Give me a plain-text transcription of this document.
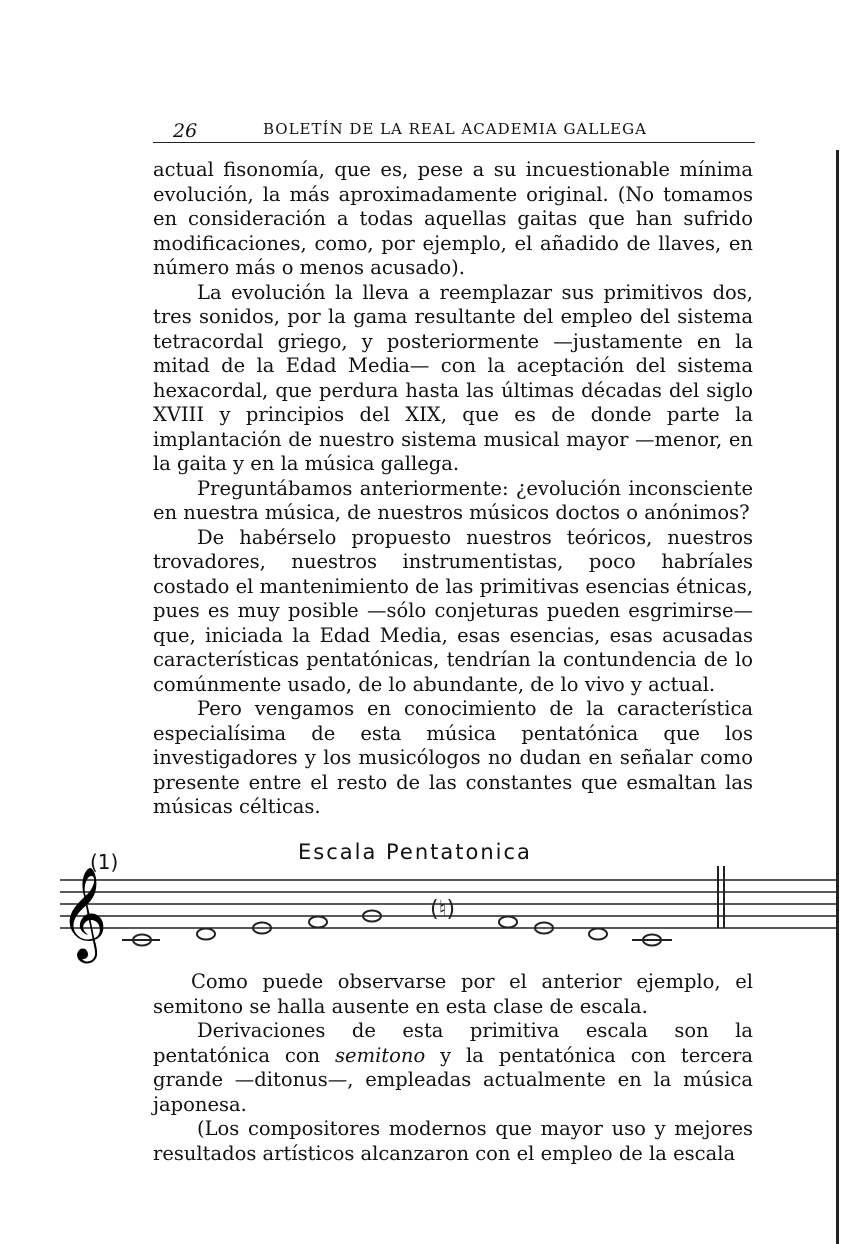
26	BOLETÍN DE LA REAL ACADEMIA GALLEGA

actual fisonomía, que es, pese a su incuestionable mínima evolución, la más aproximadamente original. (No tomamos en consideración a todas aquellas gaitas que han sufrido modificaciones, como, por ejemplo, el añadido de llaves, en número más o menos acusado).

La evolución la lleva a reemplazar sus primitivos dos, tres sonidos, por la gama resultante del empleo del sistema tetracordal griego, y posteriormente —justamente en la mitad de la Edad Media— con la aceptación del sistema hexacordal, que perdura hasta las últimas décadas del siglo XVIII y principios del XIX, que es de donde parte la implantación de nuestro sistema musical mayor —menor, en la gaita y en la música gallega.

Preguntábamos anteriormente: ¿evolución inconsciente en nuestra música, de nuestros músicos doctos o anónimos?

De habérselo propuesto nuestros teóricos, nuestros trovadores, nuestros instrumentistas, poco habríales costado el mantenimiento de las primitivas esencias étnicas, pues es muy posible —sólo conjeturas pueden esgrimirse— que, iniciada la Edad Media, esas esencias, esas acusadas características pentatónicas, tendrían la contundencia de lo comúnmente usado, de lo abundante, de lo vivo y actual.

Pero vengamos en conocimiento de la característica especialísima de esta música pentatónica que los investigadores y los musicólogos no dudan en señalar como presente entre el resto de las constantes que esmaltan las músicas célticas.

(1)	Escala Pentatonica
𝄞	(♮)

Como puede observarse por el anterior ejemplo, el semitono se halla ausente en esta clase de escala.

Derivaciones de esta primitiva escala son la pentatónica con semitono y la pentatónica con tercera grande —ditonus—, empleadas actualmente en la música japonesa.

(Los compositores modernos que mayor uso y mejores resultados artísticos alcanzaron con el empleo de la escala
